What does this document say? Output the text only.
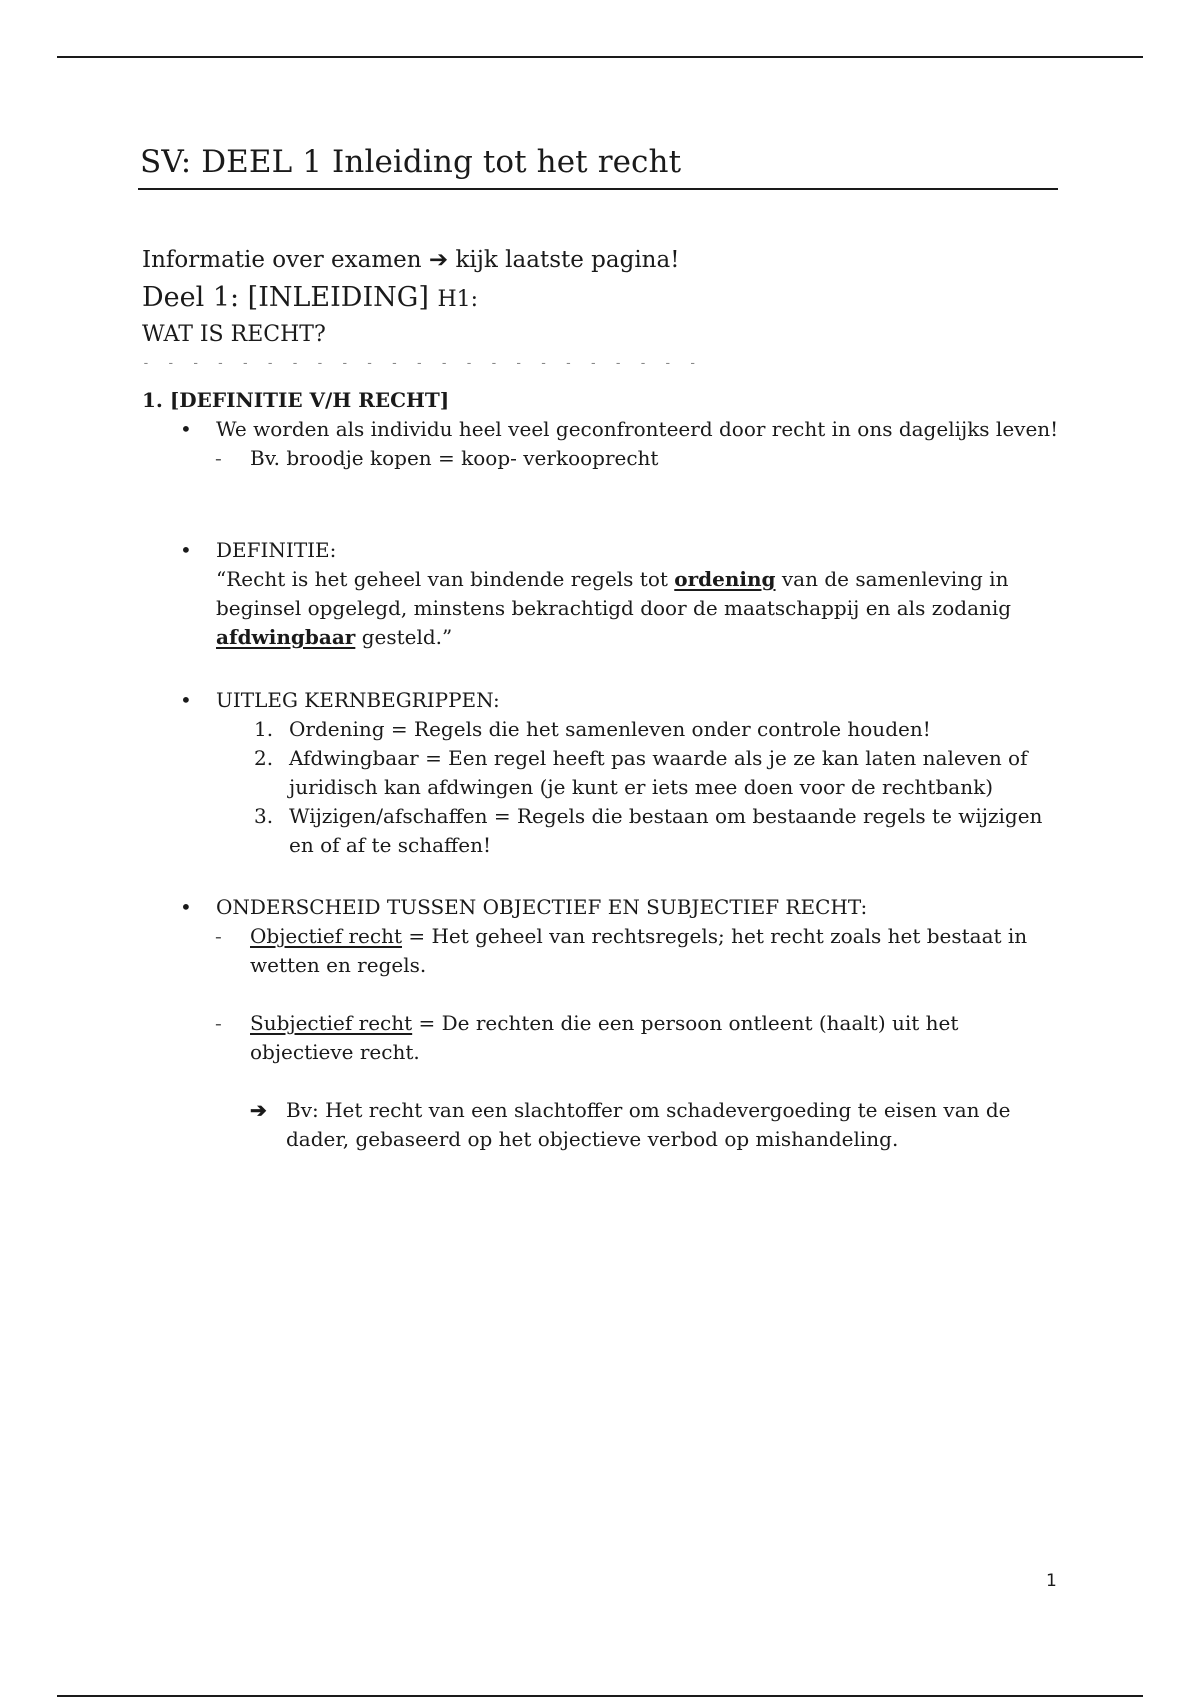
SV: DEEL 1 Inleiding tot het recht
Informatie over examen ➔ kijk laatste pagina!
Deel 1: [INLEIDING] H1:
WAT IS RECHT?
- - - - - - - - - - - - - - - - - - - - - - -
1. [DEFINITIE V/H RECHT]
• We worden als individu heel veel geconfronteerd door recht in ons dagelijks leven!
- Bv. broodje kopen = koop- verkooprecht
• DEFINITIE:
“Recht is het geheel van bindende regels tot ordening van de samenleving in beginsel opgelegd, minstens bekrachtigd door de maatschappij en als zodanig afdwingbaar gesteld.”
• UITLEG KERNBEGRIPPEN:
1. Ordening = Regels die het samenleven onder controle houden!
2. Afdwingbaar = Een regel heeft pas waarde als je ze kan laten naleven of juridisch kan afdwingen (je kunt er iets mee doen voor de rechtbank)
3. Wijzigen/afschaffen = Regels die bestaan om bestaande regels te wijzigen en of af te schaffen!
• ONDERSCHEID TUSSEN OBJECTIEF EN SUBJECTIEF RECHT:
- Objectief recht = Het geheel van rechtsregels; het recht zoals het bestaat in wetten en regels.
- Subjectief recht = De rechten die een persoon ontleent (haalt) uit het objectieve recht.
➔ Bv: Het recht van een slachtoffer om schadevergoeding te eisen van de dader, gebaseerd op het objectieve verbod op mishandeling.
1
